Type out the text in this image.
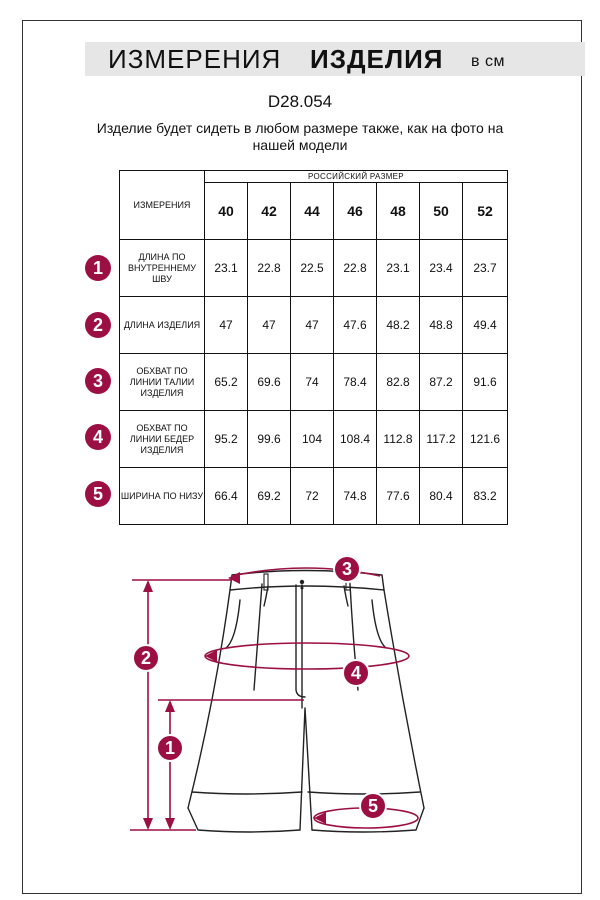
ИЗМЕРЕНИЯ ИЗДЕЛИЯ в см
D28.054
Изделие будет сидеть в любом размере также, как на фото на нашей модели
ИЗМЕРЕНИЯ	РОССИЙСКИЙ РАЗМЕР						
	40	42	44	46	48	50	52
ДЛИНА ПО ВНУТРЕННЕМУ ШВУ	23.1	22.8	22.5	22.8	23.1	23.4	23.7
ДЛИНА ИЗДЕЛИЯ	47	47	47	47.6	48.2	48.8	49.4
ОБХВАТ ПО ЛИНИИ ТАЛИИ ИЗДЕЛИЯ	65.2	69.6	74	78.4	82.8	87.2	91.6
ОБХВАТ ПО ЛИНИИ БЕДЕР ИЗДЕЛИЯ	95.2	99.6	104	108.4	112.8	117.2	121.6
ШИРИНА ПО НИЗУ	66.4	69.2	72	74.8	77.6	80.4	83.2
1
2
3
4
5
1
2
3
4
5
